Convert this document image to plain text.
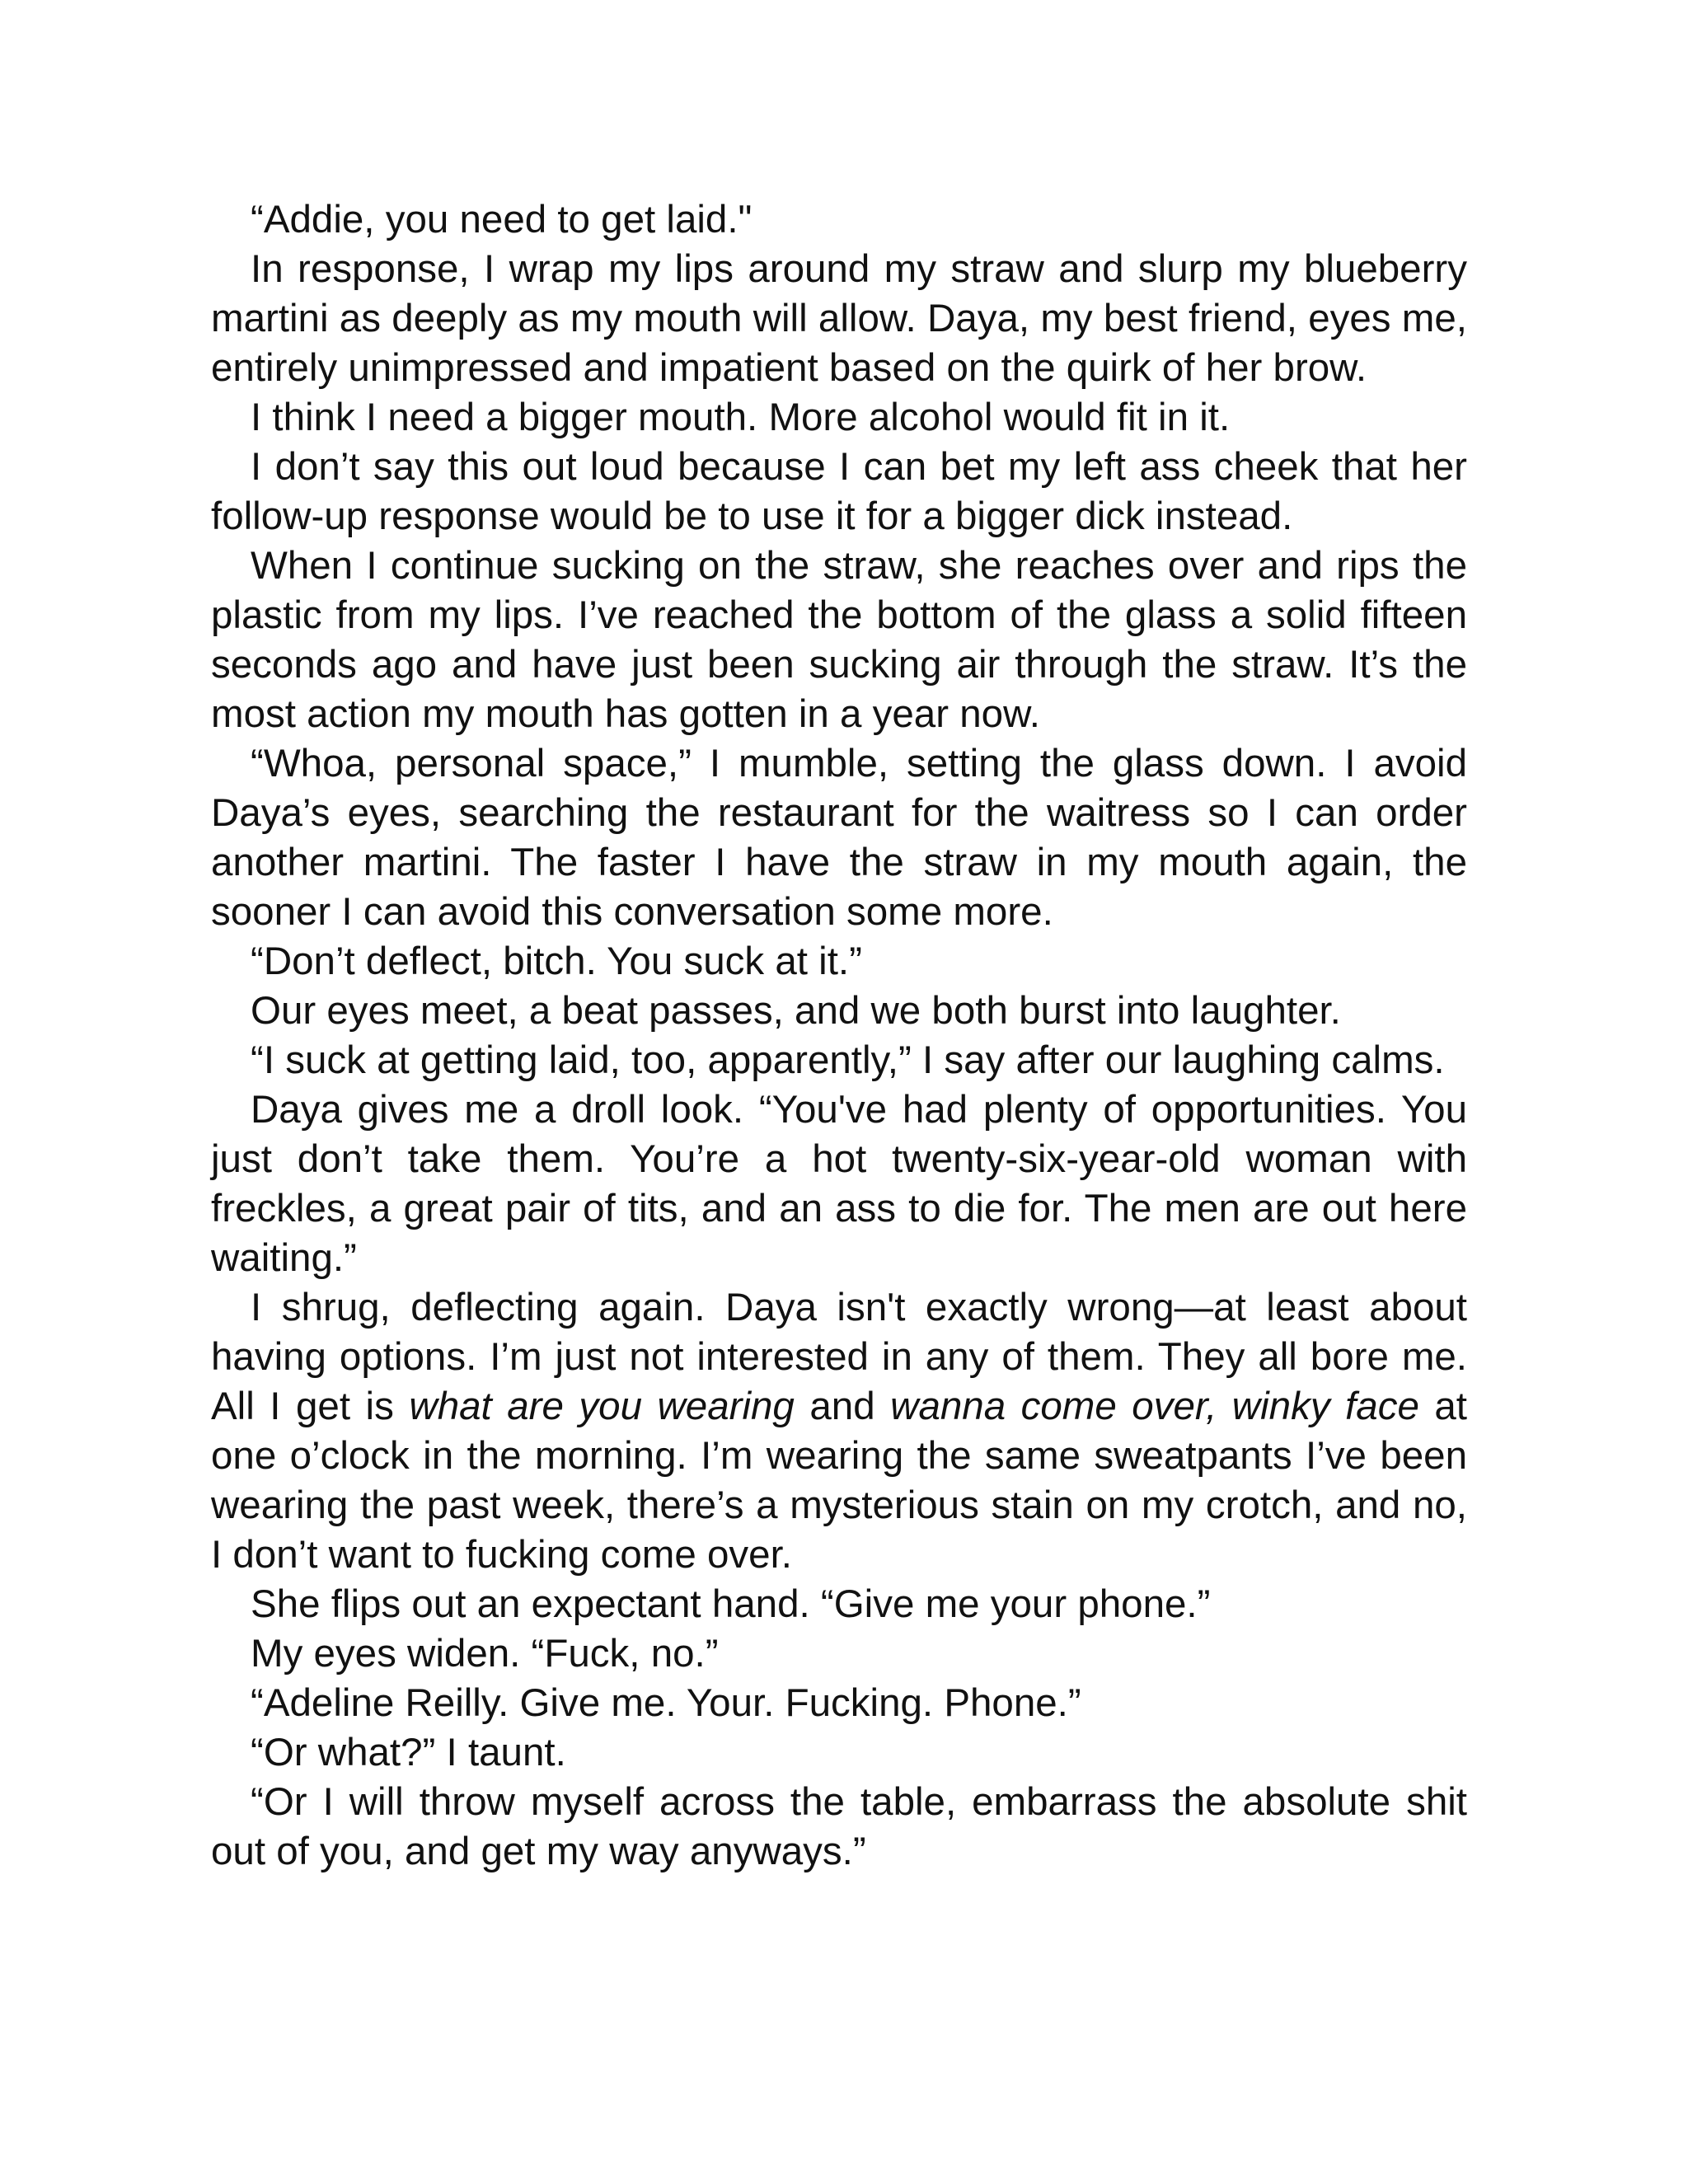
“Addie, you need to get laid."

In response, I wrap my lips around my straw and slurp my blueberry martini as deeply as my mouth will allow. Daya, my best friend, eyes me, entirely unimpressed and impatient based on the quirk of her brow.

I think I need a bigger mouth. More alcohol would fit in it.

I don’t say this out loud because I can bet my left ass cheek that her follow-up response would be to use it for a bigger dick instead.

When I continue sucking on the straw, she reaches over and rips the plastic from my lips. I’ve reached the bottom of the glass a solid fifteen seconds ago and have just been sucking air through the straw. It’s the most action my mouth has gotten in a year now.

“Whoa, personal space,” I mumble, setting the glass down. I avoid Daya’s eyes, searching the restaurant for the waitress so I can order another martini. The faster I have the straw in my mouth again, the sooner I can avoid this conversation some more.

“Don’t deflect, bitch. You suck at it.”

Our eyes meet, a beat passes, and we both burst into laughter.

“I suck at getting laid, too, apparently,” I say after our laughing calms.

Daya gives me a droll look. “You've had plenty of opportunities. You just don’t take them. You’re a hot twenty-six-year-old woman with freckles, a great pair of tits, and an ass to die for. The men are out here waiting.”

I shrug, deflecting again. Daya isn't exactly wrong—at least about having options. I’m just not interested in any of them. They all bore me. All I get is what are you wearing and wanna come over, winky face at one o’clock in the morning. I’m wearing the same sweatpants I’ve been wearing the past week, there’s a mysterious stain on my crotch, and no, I don’t want to fucking come over.

She flips out an expectant hand. “Give me your phone.”

My eyes widen. “Fuck, no.”

“Adeline Reilly. Give me. Your. Fucking. Phone.”

“Or what?” I taunt.

“Or I will throw myself across the table, embarrass the absolute shit out of you, and get my way anyways.”
